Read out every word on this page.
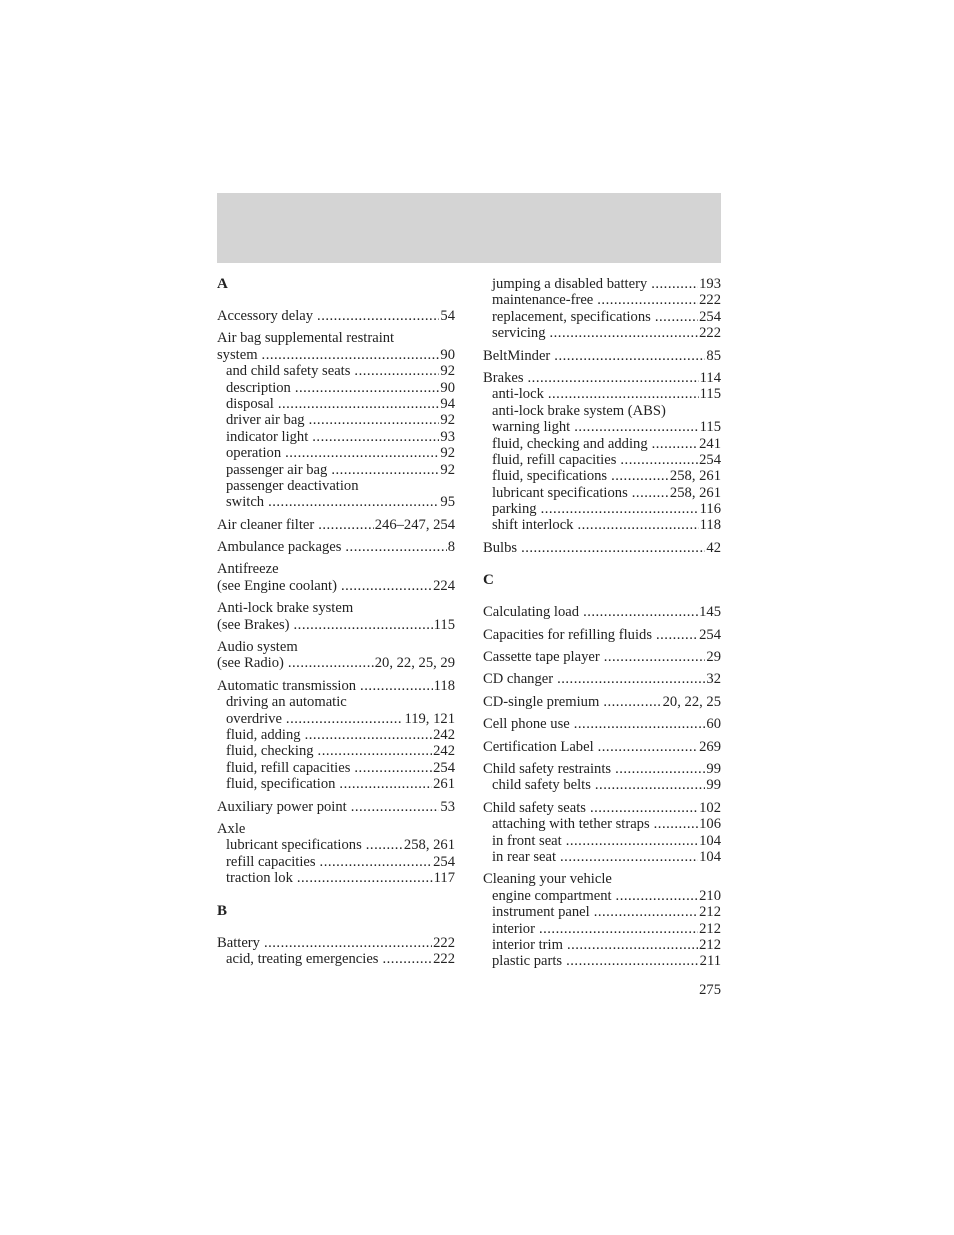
A
Accessory delay .....	54
Air bag supplemental restraint
system .....	90
and child safety seats .....	92
description .....	90
disposal .....	94
driver air bag .....	92
indicator light .....	93
operation .....	92
passenger air bag .....	92
passenger deactivation
switch .....	95
Air cleaner filter .....	246–247, 254
Ambulance packages .....	8
Antifreeze
(see Engine coolant) .....	224
Anti-lock brake system
(see Brakes) .....	115
Audio system
(see Radio) .....	20, 22, 25, 29
Automatic transmission .....	118
driving an automatic
overdrive .....	119, 121
fluid, adding .....	242
fluid, checking .....	242
fluid, refill capacities .....	254
fluid, specification .....	261
Auxiliary power point .....	53
Axle
lubricant specifications .....	258, 261
refill capacities .....	254
traction lok .....	117
B
Battery .....	222
acid, treating emergencies .....	222
jumping a disabled battery .....	193
maintenance-free .....	222
replacement, specifications .....	254
servicing .....	222
BeltMinder .....	85
Brakes .....	114
anti-lock .....	115
anti-lock brake system (ABS)
warning light .....	115
fluid, checking and adding .....	241
fluid, refill capacities .....	254
fluid, specifications .....	258, 261
lubricant specifications .....	258, 261
parking .....	116
shift interlock .....	118
Bulbs .....	42
C
Calculating load .....	145
Capacities for refilling fluids .....	254
Cassette tape player .....	29
CD changer .....	32
CD-single premium .....	20, 22, 25
Cell phone use .....	60
Certification Label .....	269
Child safety restraints .....	99
child safety belts .....	99
Child safety seats .....	102
attaching with tether straps .....	106
in front seat .....	104
in rear seat .....	104
Cleaning your vehicle
engine compartment .....	210
instrument panel .....	212
interior .....	212
interior trim .....	212
plastic parts .....	211
275
